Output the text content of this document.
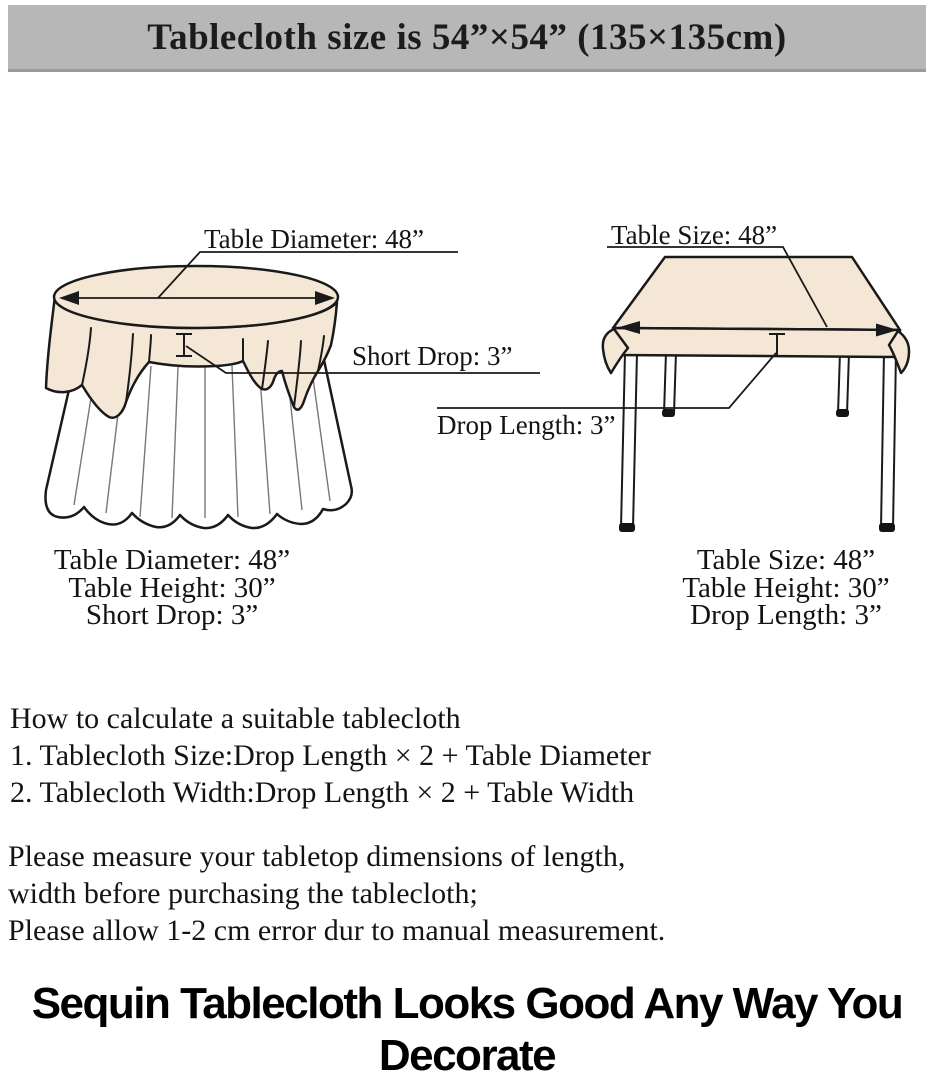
Tablecloth size is 54”×54” (135×135cm)
Table Diameter: 48”	Table Size: 48”
Short Drop: 3”
Drop Length: 3”
Table Diameter: 48”
Table Height: 30”
Short Drop: 3”
Table Size: 48”
Table Height: 30”
Drop Length: 3”
How to calculate a suitable tablecloth
1. Tablecloth Size:Drop Length × 2 + Table Diameter
2. Tablecloth Width:Drop Length × 2 + Table Width
Please measure your tabletop dimensions of length,
width before purchasing the tablecloth;
Please allow 1-2 cm error dur to manual measurement.
Sequin Tablecloth Looks Good Any Way You
Decorate
